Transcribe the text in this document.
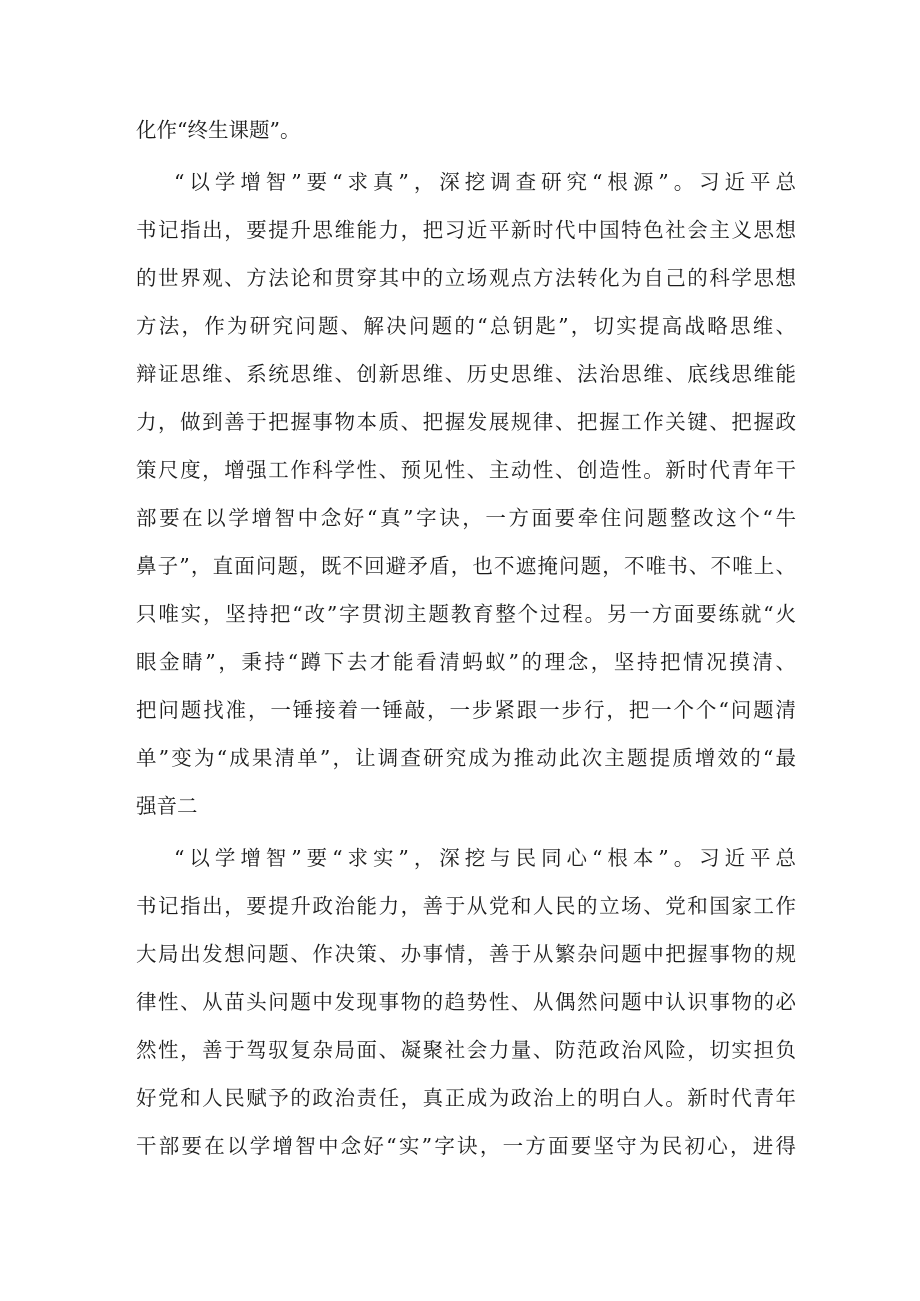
化作“终生课题”。
“以学增智”要“求真”，深挖调查研究“根源”。习近平总
书记指出，要提升思维能力，把习近平新时代中国特色社会主义思想
的世界观、方法论和贯穿其中的立场观点方法转化为自己的科学思想
方法，作为研究问题、解决问题的“总钥匙”，切实提高战略思维、
辩证思维、系统思维、创新思维、历史思维、法治思维、底线思维能
力，做到善于把握事物本质、把握发展规律、把握工作关键、把握政
策尺度，增强工作科学性、预见性、主动性、创造性。新时代青年干
部要在以学增智中念好“真”字诀，一方面要牵住问题整改这个“牛
鼻子”，直面问题，既不回避矛盾，也不遮掩问题，不唯书、不唯上、
只唯实，坚持把“改”字贯沏主题教育整个过程。另一方面要练就“火
眼金睛”，秉持“蹲下去才能看清蚂蚁”的理念，坚持把情况摸清、
把问题找准，一锤接着一锤敲，一步紧跟一步行，把一个个“问题清
单”变为“成果清单”，让调查研究成为推动此次主题提质增效的“最
强音二
“以学增智”要“求实”，深挖与民同心“根本”。习近平总
书记指出，要提升政治能力，善于从党和人民的立场、党和国家工作
大局出发想问题、作决策、办事情，善于从繁杂问题中把握事物的规
律性、从苗头问题中发现事物的趋势性、从偶然问题中认识事物的必
然性，善于驾驭复杂局面、凝聚社会力量、防范政治风险，切实担负
好党和人民赋予的政治责任，真正成为政治上的明白人。新时代青年
干部要在以学增智中念好“实”字诀，一方面要坚守为民初心，进得
